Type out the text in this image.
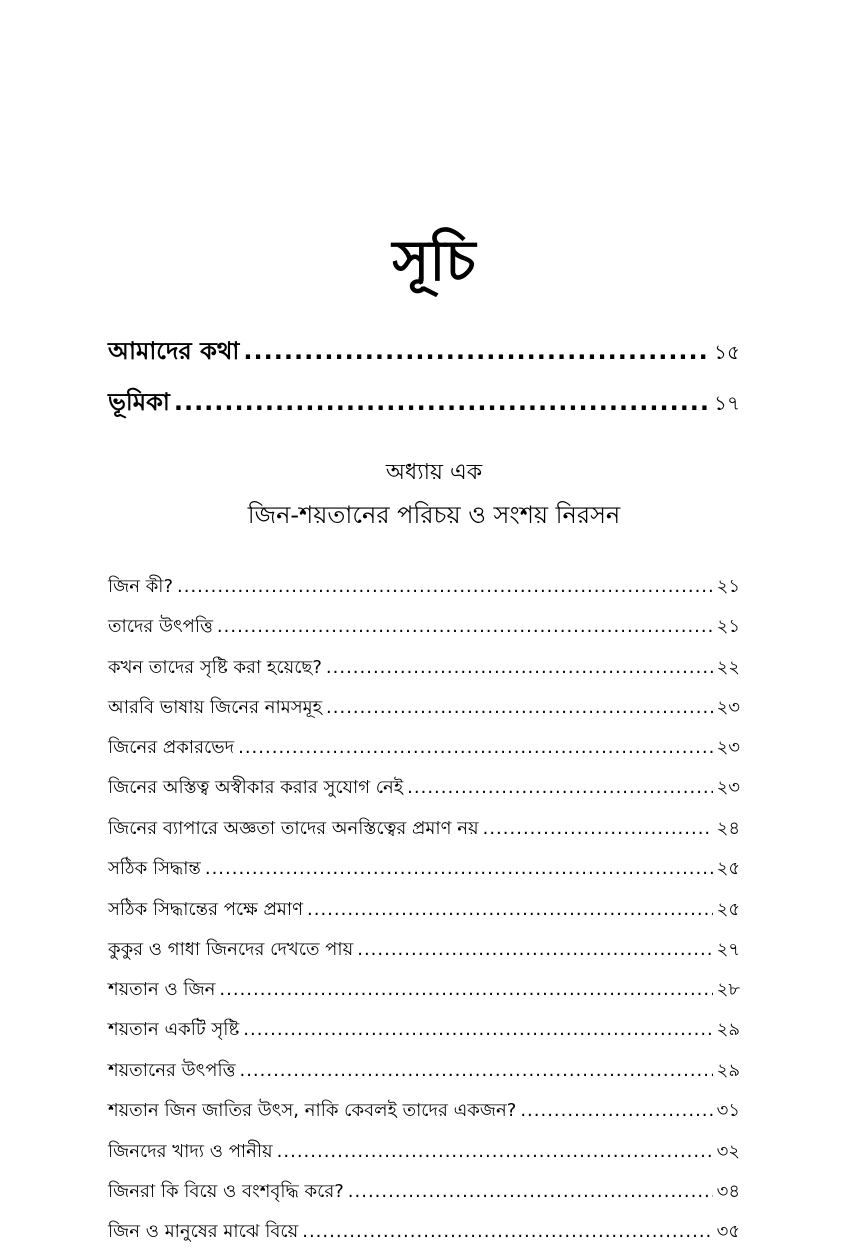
সূচি
আমাদের কথা .....	১৫
ভূমিকা .....	১৭
অধ্যায় এক
জিন-শয়তানের পরিচয় ও সংশয় নিরসন
জিন কী? .....	২১
তাদের উৎপত্তি .....	২১
কখন তাদের সৃষ্টি করা হয়েছে? .....	২২
আরবি ভাষায় জিনের নামসমূহ .....	২৩
জিনের প্রকারভেদ .....	২৩
জিনের অস্তিত্ব অস্বীকার করার সুযোগ নেই .....	২৩
জিনের ব্যাপারে অজ্ঞতা তাদের অনস্তিত্বের প্রমাণ নয় .....	২৪
সঠিক সিদ্ধান্ত .....	২৫
সঠিক সিদ্ধান্তের পক্ষে প্রমাণ .....	২৫
কুকুর ও গাধা জিনদের দেখতে পায় .....	২৭
শয়তান ও জিন .....	২৮
শয়তান একটি সৃষ্টি .....	২৯
শয়তানের উৎপত্তি .....	২৯
শয়তান জিন জাতির উৎস, নাকি কেবলই তাদের একজন? .....	৩১
জিনদের খাদ্য ও পানীয় .....	৩২
জিনরা কি বিয়ে ও বংশবৃদ্ধি করে? .....	৩৪
জিন ও মানুষের মাঝে বিয়ে .....	৩৫
